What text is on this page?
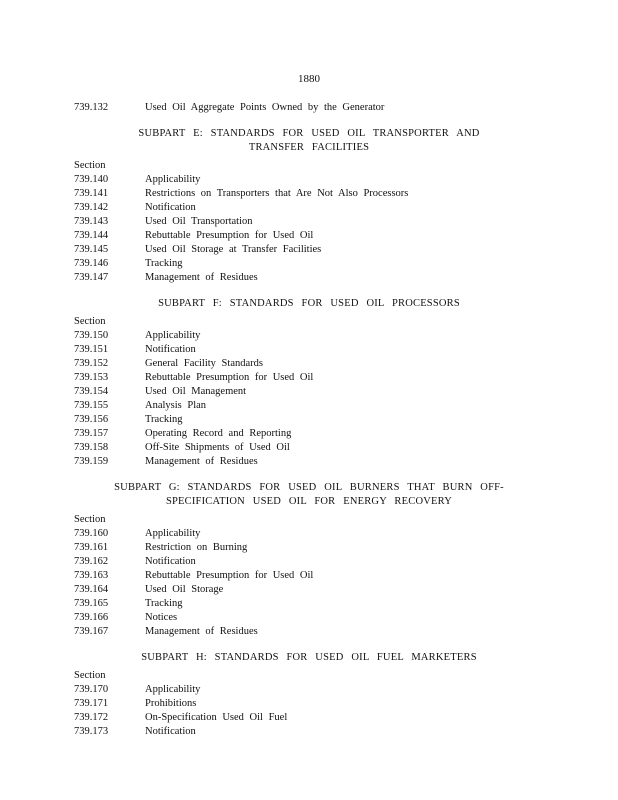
1880
739.132	Used Oil Aggregate Points Owned by the Generator
SUBPART E: STANDARDS FOR USED OIL TRANSPORTER AND
TRANSFER FACILITIES
Section
739.140	Applicability
739.141	Restrictions on Transporters that Are Not Also Processors
739.142	Notification
739.143	Used Oil Transportation
739.144	Rebuttable Presumption for Used Oil
739.145	Used Oil Storage at Transfer Facilities
739.146	Tracking
739.147	Management of Residues
SUBPART F: STANDARDS FOR USED OIL PROCESSORS
Section
739.150	Applicability
739.151	Notification
739.152	General Facility Standards
739.153	Rebuttable Presumption for Used Oil
739.154	Used Oil Management
739.155	Analysis Plan
739.156	Tracking
739.157	Operating Record and Reporting
739.158	Off-Site Shipments of Used Oil
739.159	Management of Residues
SUBPART G: STANDARDS FOR USED OIL BURNERS THAT BURN OFF-
SPECIFICATION USED OIL FOR ENERGY RECOVERY
Section
739.160	Applicability
739.161	Restriction on Burning
739.162	Notification
739.163	Rebuttable Presumption for Used Oil
739.164	Used Oil Storage
739.165	Tracking
739.166	Notices
739.167	Management of Residues
SUBPART H: STANDARDS FOR USED OIL FUEL MARKETERS
Section
739.170	Applicability
739.171	Prohibitions
739.172	On-Specification Used Oil Fuel
739.173	Notification
